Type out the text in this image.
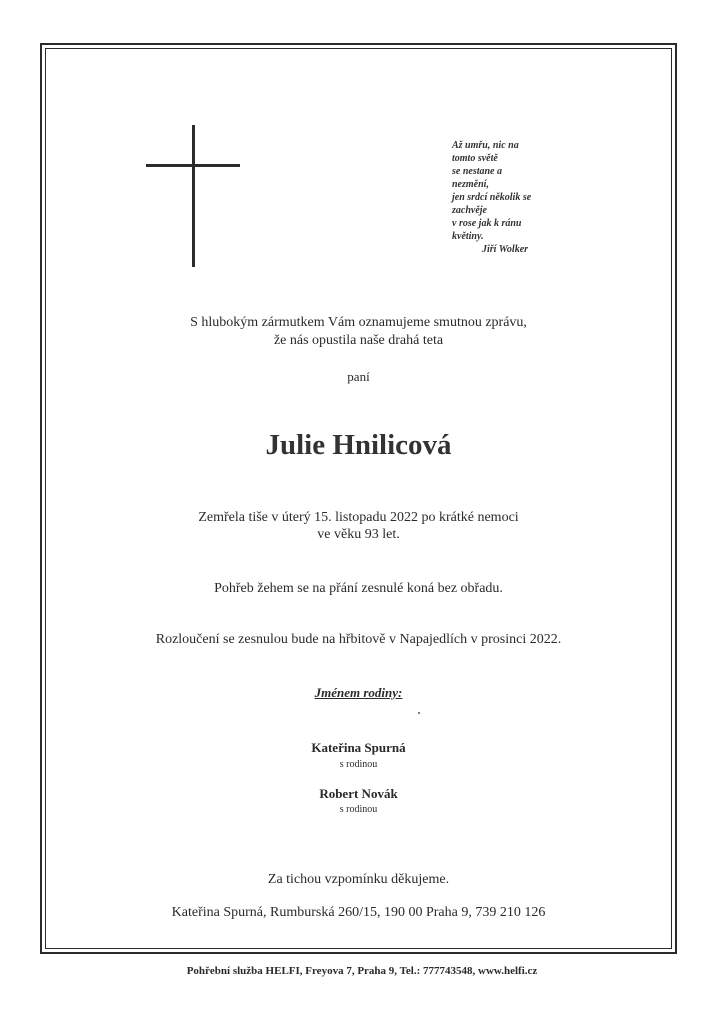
Až umřu, nic na
tomto světě
se nestane a
nezmění,
jen srdcí několik se
zachvěje
v rose jak k ránu
květiny.
Jiří Wolker
S hlubokým zármutkem Vám oznamujeme smutnou zprávu,
že nás opustila naše drahá teta
paní
Julie Hnilicová
Zemřela tiše v úterý 15. listopadu 2022 po krátké nemoci
ve věku 93 let.
Pohřeb žehem se na přání zesnulé koná bez obřadu.
Rozloučení se zesnulou bude na hřbitově v Napajedlích v prosinci 2022.
Jménem rodiny:
Kateřina Spurná
s rodinou
Robert Novák
s rodinou
Za tichou vzpomínku děkujeme.
Kateřina Spurná, Rumburská 260/15, 190 00 Praha 9, 739 210 126
Pohřební služba HELFI, Freyova 7, Praha 9, Tel.: 777743548, www.helfi.cz
